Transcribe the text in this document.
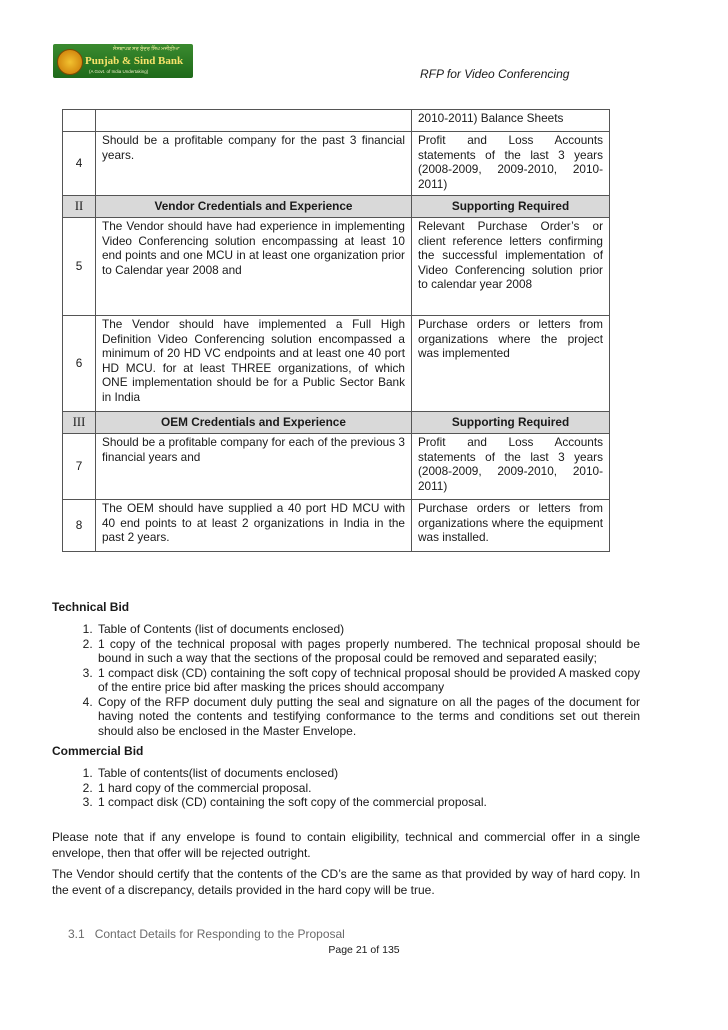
ਸੰਸਥਾਪਕ ਸਰ ਸੁੰਦਰ ਸਿੰਘ ਮਜੀਠੀਆ
Punjab & Sind Bank
(A Govt. of India Undertaking)	RFP for Video Conferencing
		2010-2011) Balance Sheets
4	Should be a profitable company for the past 3 financial years.	Profit and Loss Accounts statements of the last 3 years (2008-2009, 2009-2010, 2010-2011)
II	Vendor Credentials and Experience	Supporting Required
5	The Vendor should have had experience in implementing Video Conferencing solution encompassing at least 10 end points and one MCU in at least one organization prior to Calendar year 2008 and	Relevant Purchase Order’s or client reference letters confirming the successful implementation of Video Conferencing solution prior to calendar year 2008
6	The Vendor should have implemented a Full High Definition Video Conferencing solution encompassed a minimum of 20 HD VC endpoints and at least one 40 port HD MCU. for at least THREE organizations, of which ONE implementation should be for a Public Sector Bank in India	Purchase orders or letters from organizations where the project was implemented
III	OEM Credentials and Experience	Supporting Required
7	Should be a profitable company for each of the previous 3 financial years and	Profit and Loss Accounts statements of the last 3 years (2008-2009, 2009-2010, 2010-2011)
8	The OEM should have supplied a 40 port HD MCU with 40 end points to at least 2 organizations in India in the past 2 years.	Purchase orders or letters from organizations where the equipment was installed.
Technical Bid
1. Table of Contents (list of documents enclosed)
2. 1 copy of the technical proposal with pages properly numbered. The technical proposal should be bound in such a way that the sections of the proposal could be removed and separated easily;
3. 1 compact disk (CD) containing the soft copy of technical proposal should be provided A masked copy of the entire price bid after masking the prices should accompany
4. Copy of the RFP document duly putting the seal and signature on all the pages of the document for having noted the contents and testifying conformance to the terms and conditions set out therein should also be enclosed in the Master Envelope.
Commercial Bid
1. Table of contents(list of documents enclosed)
2. 1 hard copy of the commercial proposal.
3. 1 compact disk (CD) containing the soft copy of the commercial proposal.

Please note that if any envelope is found to contain eligibility, technical and commercial offer in a single envelope, then that offer will be rejected outright.

The Vendor should certify that the contents of the CD’s are the same as that provided by way of hard copy. In the event of a discrepancy, details provided in the hard copy will be true.

3.1 Contact Details for Responding to the Proposal
Page 21 of 135
